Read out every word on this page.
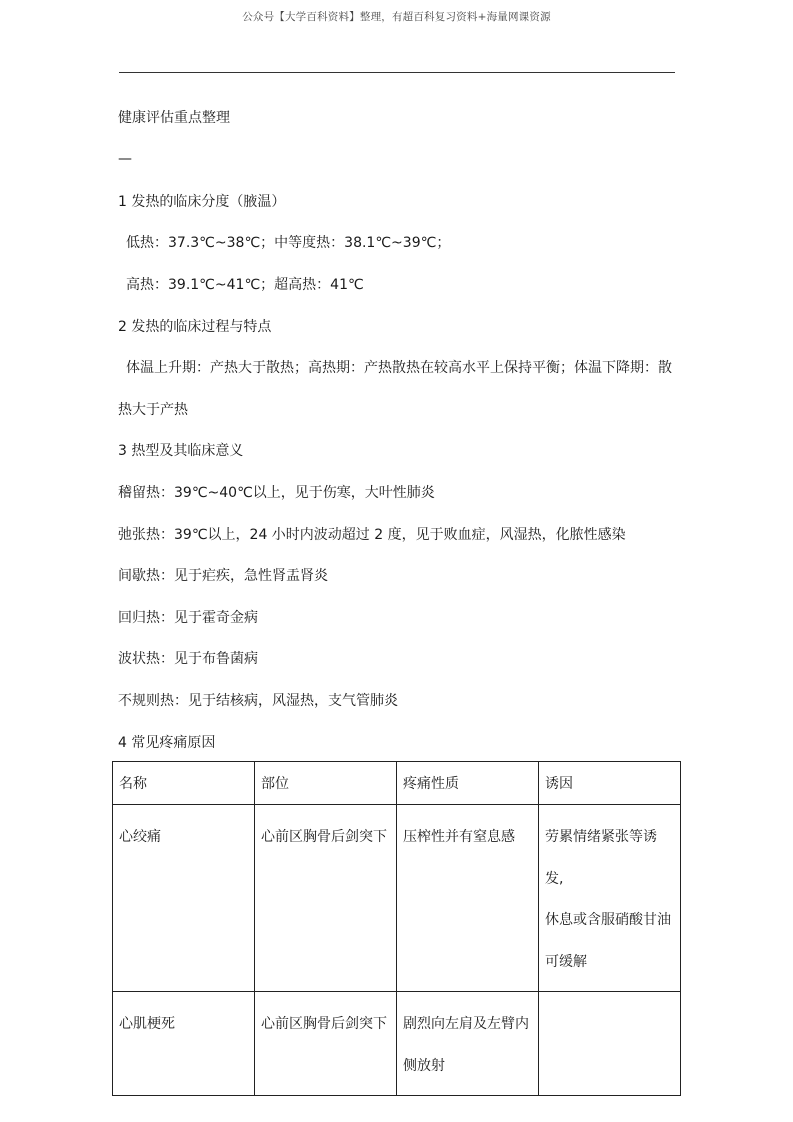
公众号【大学百科资料】整理，有超百科复习资料+海量网课资源
健康评估重点整理
—
1 发热的临床分度（腋温）
低热：37.3℃~38℃；中等度热：38.1℃~39℃；
高热：39.1℃~41℃；超高热：41℃
2 发热的临床过程与特点
体温上升期：产热大于散热；高热期：产热散热在较高水平上保持平衡；体温下降期：散
热大于产热
3 热型及其临床意义
稽留热：39℃~40℃以上，见于伤寒，大叶性肺炎
弛张热：39℃以上，24 小时内波动超过 2 度，见于败血症，风湿热，化脓性感染
间歇热：见于疟疾，急性肾盂肾炎
回归热：见于霍奇金病
波状热：见于布鲁菌病
不规则热：见于结核病，风湿热，支气管肺炎
4 常见疼痛原因
名称	部位	疼痛性质	诱因
心绞痛	心前区胸骨后剑突下	压榨性并有窒息感	劳累情绪紧张等诱发,
休息或含服硝酸甘油
可缓解

心肌梗死	心前区胸骨后剑突下	剧烈向左肩及左臂内
侧放射	
